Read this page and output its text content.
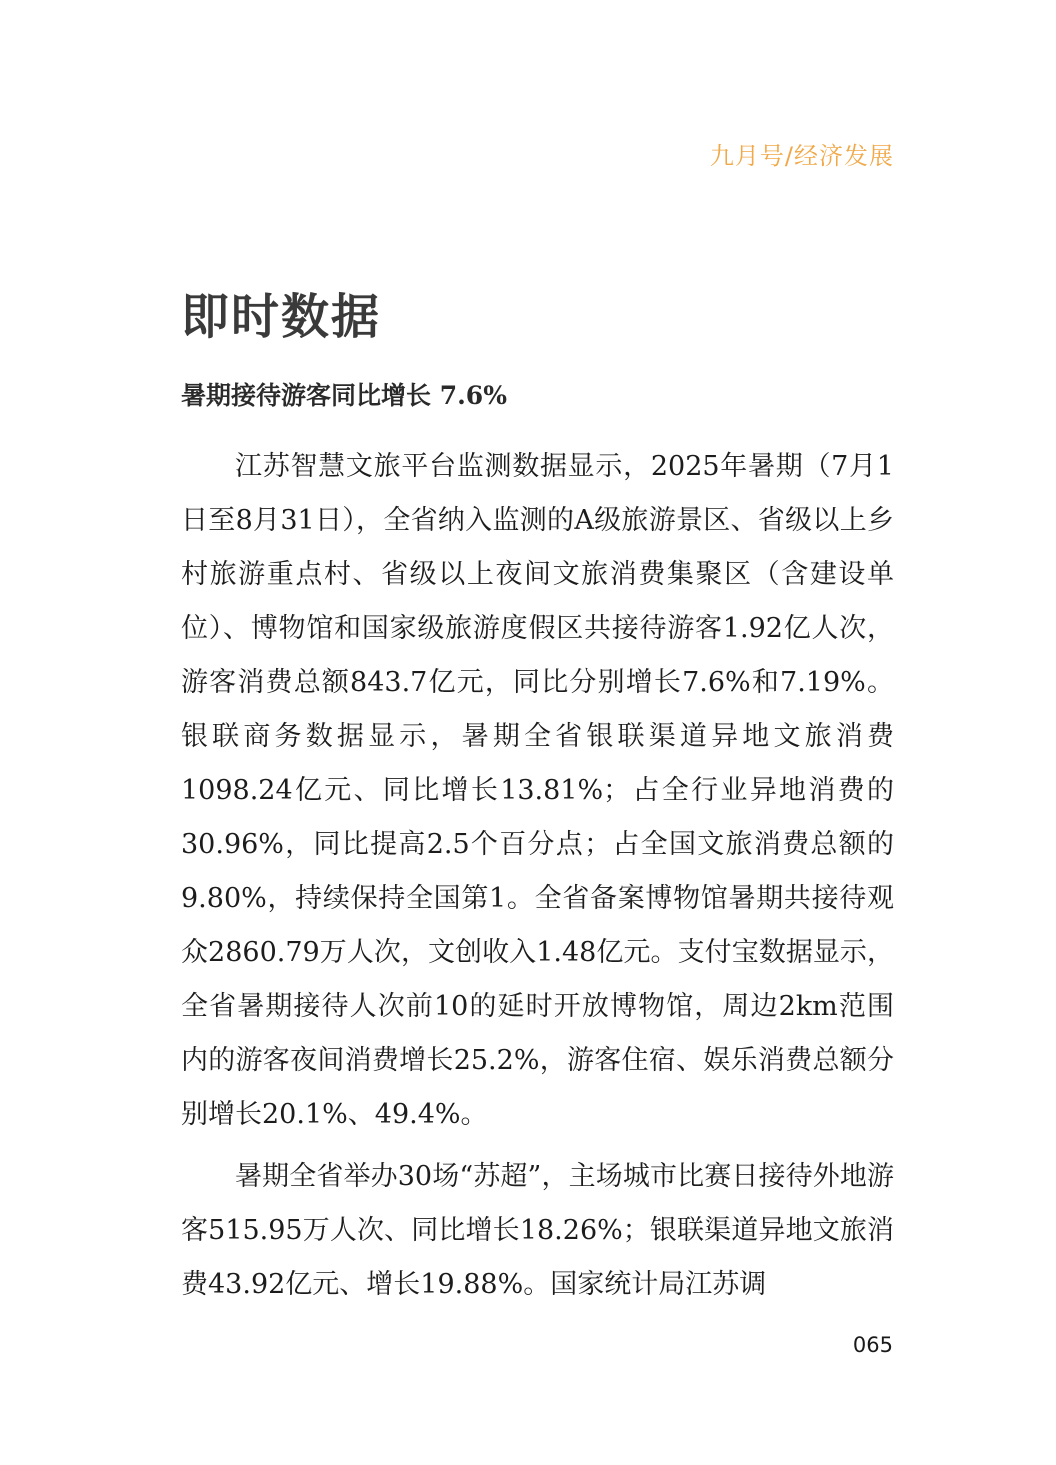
九月号/经济发展
即时数据
暑期接待游客同比增长 7.6%

江苏智慧文旅平台监测数据显示，2025年暑期（7月1日至8月31日），全省纳入监测的A级旅游景区、省级以上乡村旅游重点村、省级以上夜间文旅消费集聚区（含建设单位）、博物馆和国家级旅游度假区共接待游客1.92亿人次，游客消费总额843.7亿元，同比分别增长7.6%和7.19%。银联商务数据显示，暑期全省银联渠道异地文旅消费1098.24亿元、同比增长13.81%；占全行业异地消费的30.96%，同比提高2.5个百分点；占全国文旅消费总额的9.80%，持续保持全国第1。全省备案博物馆暑期共接待观众2860.79万人次，文创收入1.48亿元。支付宝数据显示，全省暑期接待人次前10的延时开放博物馆，周边2km范围内的游客夜间消费增长25.2%，游客住宿、娱乐消费总额分别增长20.1%、49.4%。

暑期全省举办30场“苏超”，主场城市比赛日接待外地游客515.95万人次、同比增长18.26%；银联渠道异地文旅消费43.92亿元、增长19.88%。国家统计局江苏调

065
